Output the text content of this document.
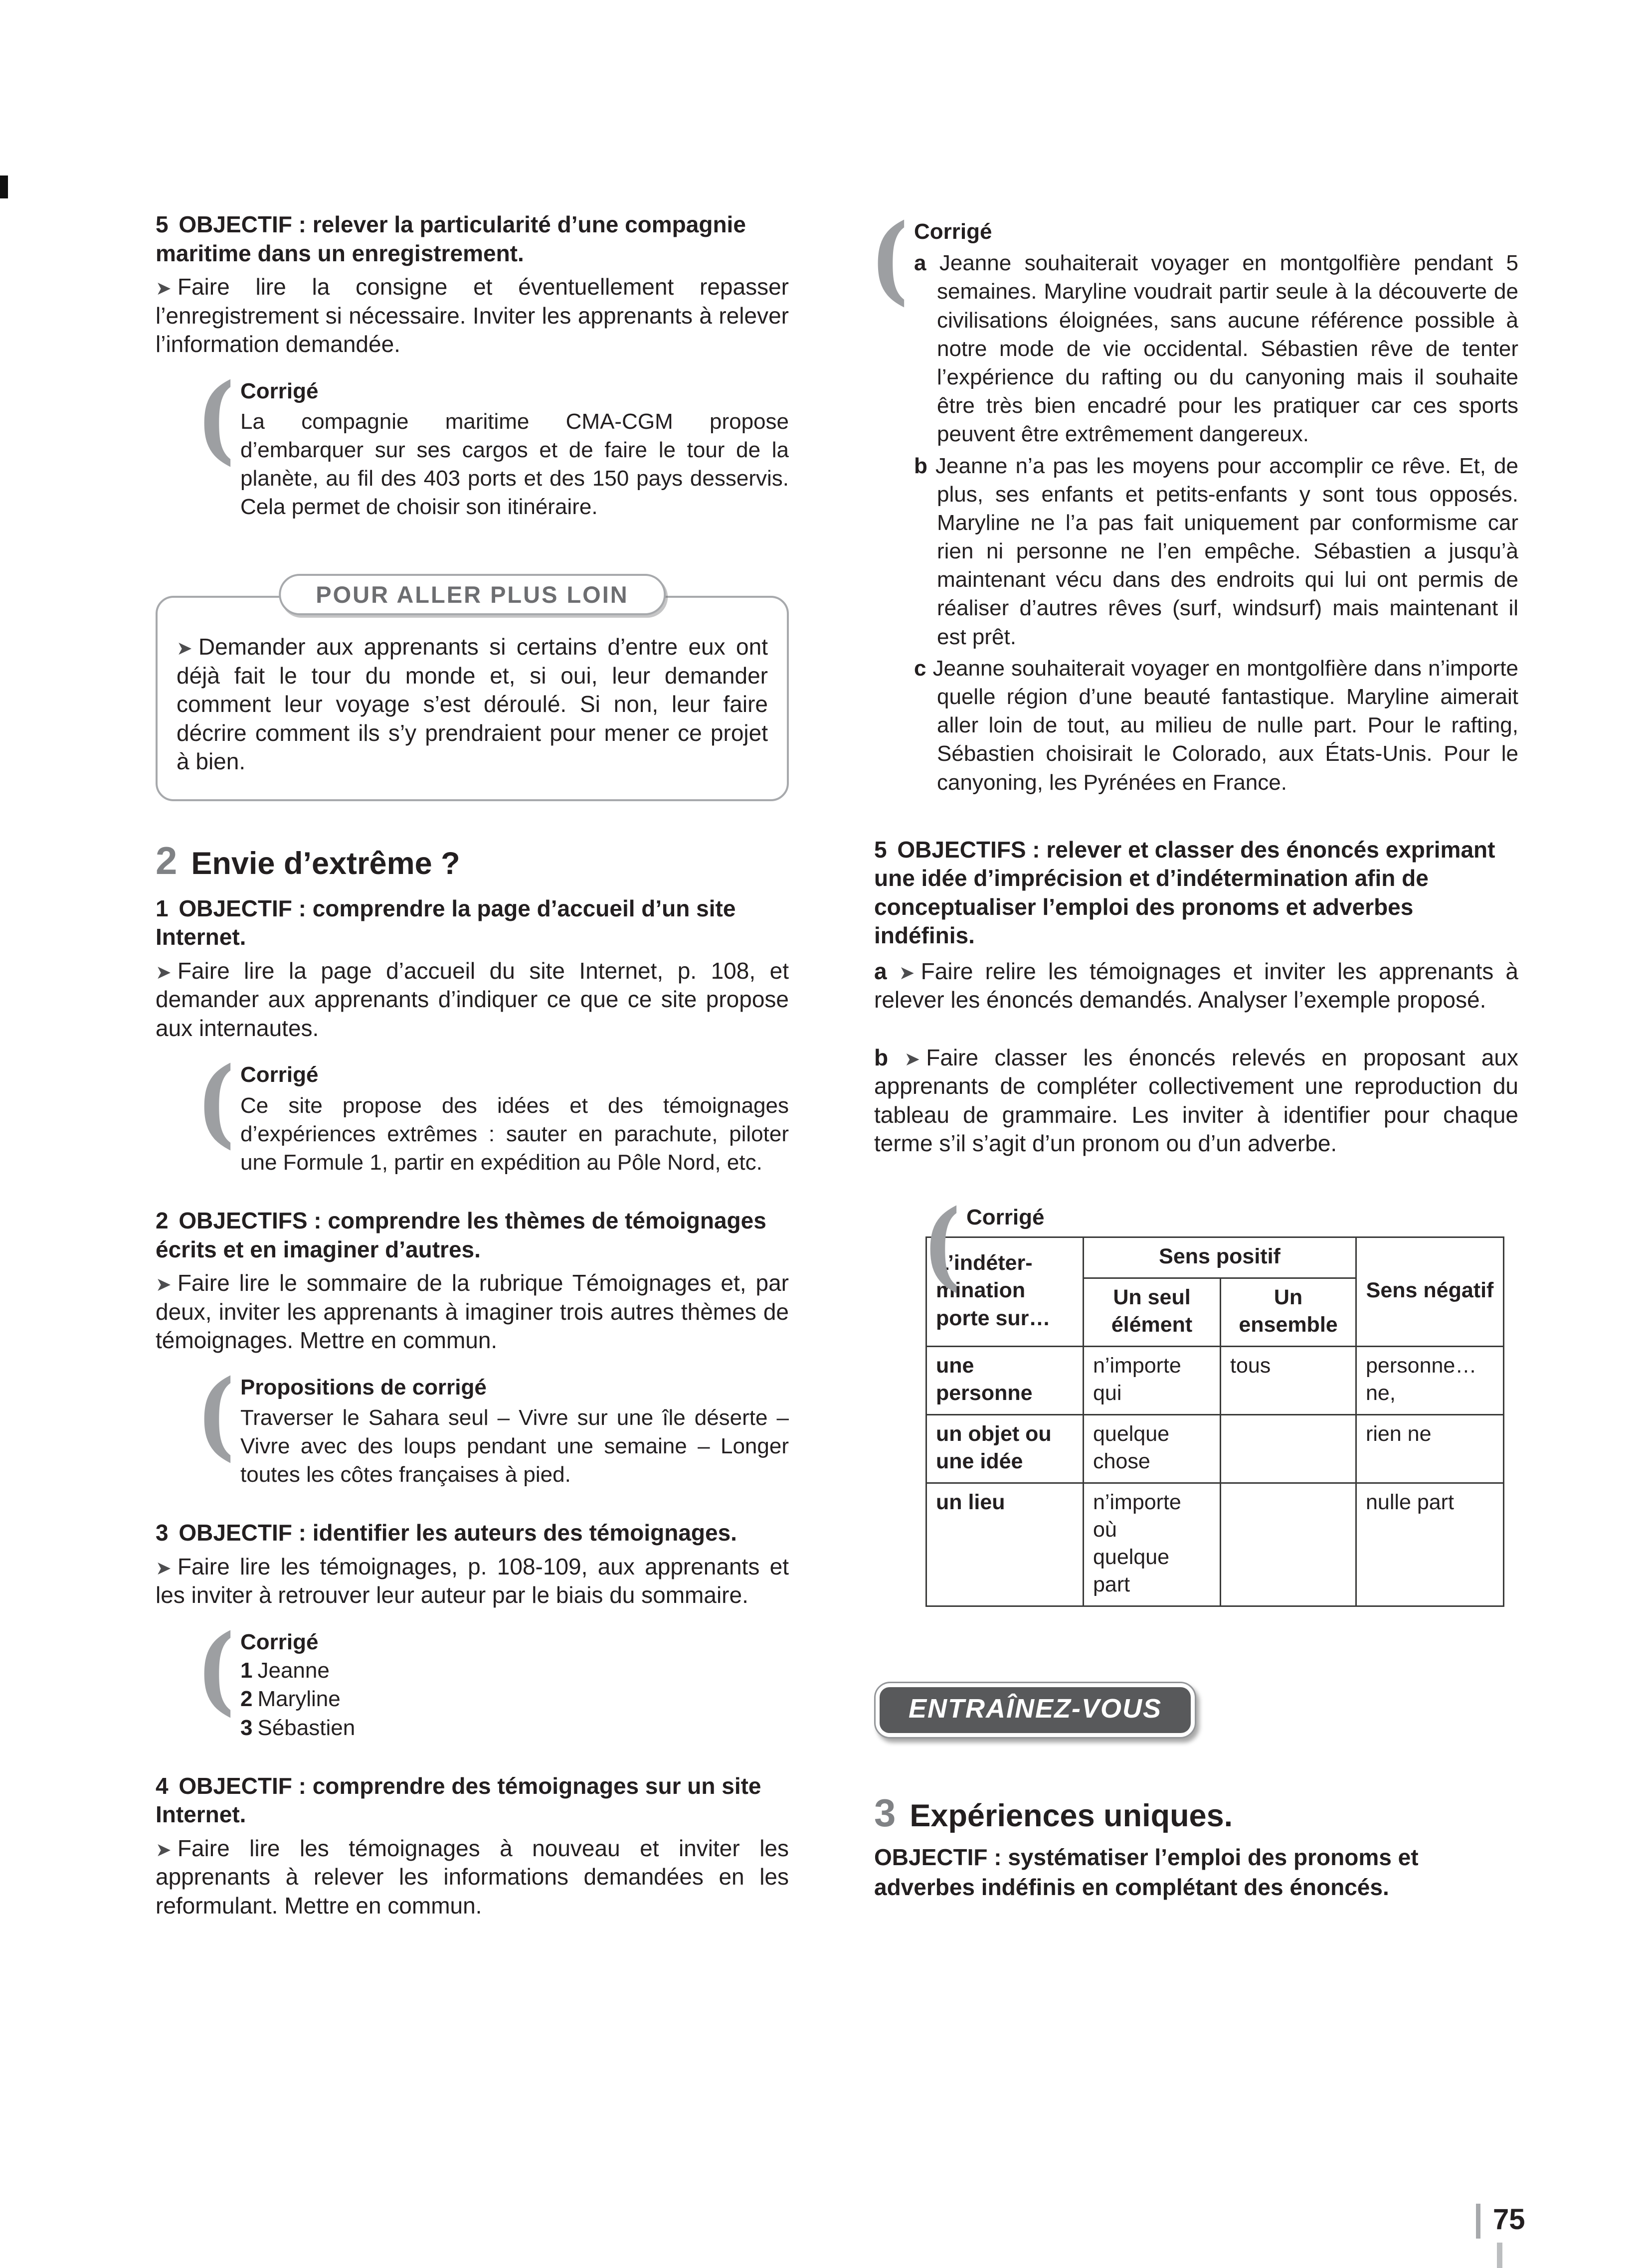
5 OBJECTIF : relever la particularité d’une compagnie maritime dans un enregistrement.

➤ Faire lire la consigne et éventuellement repasser l’enregistrement si nécessaire. Inviter les apprenants à relever l’information demandée.

( Corrigé

La compagnie maritime CMA-CGM propose d’embarquer sur ses cargos et de faire le tour de la planète, au fil des 403 ports et des 150 pays desservis. Cela permet de choisir son itinéraire.

POUR ALLER PLUS LOIN

➤ Demander aux apprenants si certains d’entre eux ont déjà fait le tour du monde et, si oui, leur demander comment leur voyage s’est déroulé. Si non, leur faire décrire comment ils s’y prendraient pour mener ce projet à bien.

2 Envie d’extrême ?
1 OBJECTIF : comprendre la page d’accueil d’un site Internet.

➤ Faire lire la page d’accueil du site Internet, p. 108, et demander aux apprenants d’indiquer ce que ce site propose aux internautes.

( Corrigé

Ce site propose des idées et des témoignages d’expériences extrêmes : sauter en parachute, piloter une Formule 1, partir en expédition au Pôle Nord, etc.

2 OBJECTIFS : comprendre les thèmes de témoignages écrits et en imaginer d’autres.

➤ Faire lire le sommaire de la rubrique Témoignages et, par deux, inviter les apprenants à imaginer trois autres thèmes de témoignages. Mettre en commun.

( Propositions de corrigé

Traverser le Sahara seul – Vivre sur une île déserte – Vivre avec des loups pendant une semaine – Longer toutes les côtes françaises à pied.

3 OBJECTIF : identifier les auteurs des témoignages.

➤ Faire lire les témoignages, p. 108-109, aux apprenants et les inviter à retrouver leur auteur par le biais du sommaire.

( Corrigé
1 Jeanne
2 Maryline
3 Sébastien
4 OBJECTIF : comprendre des témoignages sur un site Internet.

➤ Faire lire les témoignages à nouveau et inviter les apprenants à relever les informations demandées en les reformulant. Mettre en commun.

( Corrigé

a Jeanne souhaiterait voyager en montgolfière pendant 5 semaines. Maryline voudrait partir seule à la découverte de civilisations éloignées, sans aucune référence possible à notre mode de vie occidental. Sébastien rêve de tenter l’expérience du rafting ou du canyoning mais il souhaite être très bien encadré pour les pratiquer car ces sports peuvent être extrêmement dangereux.

b Jeanne n’a pas les moyens pour accomplir ce rêve. Et, de plus, ses enfants et petits-enfants y sont tous opposés. Maryline ne l’a pas fait uniquement par conformisme car rien ni personne ne l’en empêche. Sébastien a jusqu’à maintenant vécu dans des endroits qui lui ont permis de réaliser d’autres rêves (surf, windsurf) mais maintenant il est prêt.

c Jeanne souhaiterait voyager en montgolfière dans n’importe quelle région d’une beauté fantastique. Maryline aimerait aller loin de tout, au milieu de nulle part. Pour le rafting, Sébastien choisirait le Colorado, aux États-Unis. Pour le canyoning, les Pyrénées en France.

5 OBJECTIFS : relever et classer des énoncés exprimant une idée d’imprécision et d’indétermination afin de conceptualiser l’emploi des pronoms et adverbes indéfinis.

a ➤ Faire relire les témoignages et inviter les apprenants à relever les énoncés demandés. Analyser l’exemple proposé.

b ➤ Faire classer les énoncés relevés en proposant aux apprenants de compléter collectivement une reproduction du tableau de grammaire. Les inviter à identifier pour chaque terme s’il s’agit d’un pronom ou d’un adverbe.

( Corrigé
L’indéter-mination porte sur…	Sens positif		Sens négatif
	Un seul élément	Un ensemble	
une personne	n’importe qui	tous	personne… ne,
un objet ou une idée	quelque chose		rien ne
un lieu	n’importe où quelque part		nulle part
ENTRAÎNEZ-VOUS
3 Expériences uniques.

OBJECTIF : systématiser l’emploi des pronoms et adverbes indéfinis en complétant des énoncés.

75
